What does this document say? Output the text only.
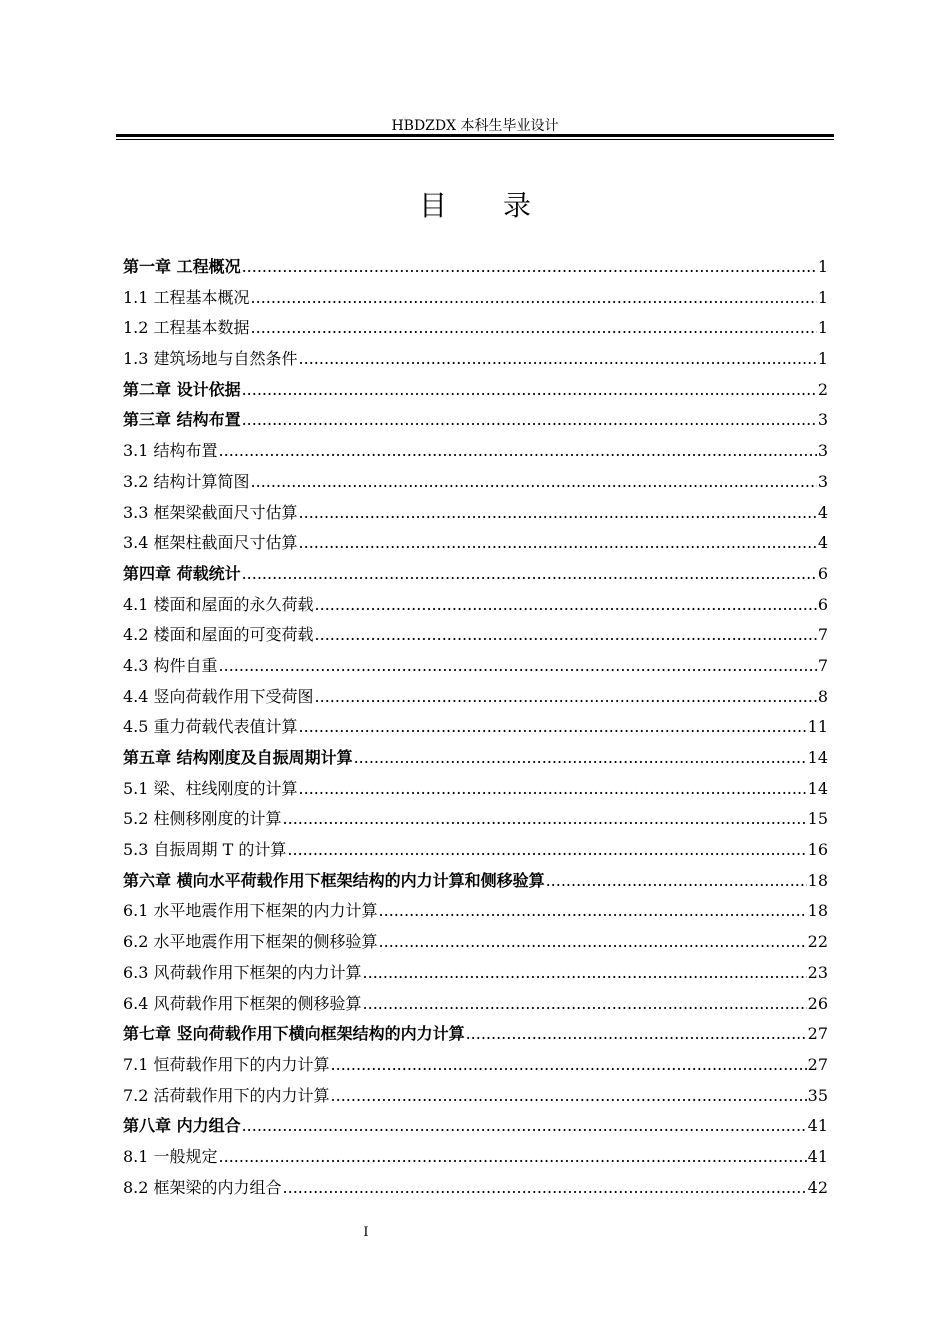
HBDZDX 本科生毕业设计
目录
第一章 工程概况 .....	1
1.1 工程基本概况 .....	1
1.2 工程基本数据 .....	1
1.3 建筑场地与自然条件 .....	1
第二章 设计依据 .....	2
第三章 结构布置 .....	3
3.1 结构布置 .....	3
3.2 结构计算简图 .....	3
3.3 框架梁截面尺寸估算 .....	4
3.4 框架柱截面尺寸估算 .....	4
第四章 荷载统计 .....	6
4.1 楼面和屋面的永久荷载 .....	6
4.2 楼面和屋面的可变荷载 .....	7
4.3 构件自重 .....	7
4.4 竖向荷载作用下受荷图 .....	8
4.5 重力荷载代表值计算 .....	11
第五章 结构刚度及自振周期计算 .....	14
5.1 梁、柱线刚度的计算 .....	14
5.2 柱侧移刚度的计算 .....	15
5.3 自振周期 T 的计算 .....	16
第六章 横向水平荷载作用下框架结构的内力计算和侧移验算 .....	18
6.1 水平地震作用下框架的内力计算 .....	18
6.2 水平地震作用下框架的侧移验算 .....	22
6.3 风荷载作用下框架的内力计算 .....	23
6.4 风荷载作用下框架的侧移验算 .....	26
第七章 竖向荷载作用下横向框架结构的内力计算 .....	27
7.1 恒荷载作用下的内力计算 .....	27
7.2 活荷载作用下的内力计算 .....	35
第八章 内力组合 .....	41
8.1 一般规定 .....	41
8.2 框架梁的内力组合 .....	42
I
